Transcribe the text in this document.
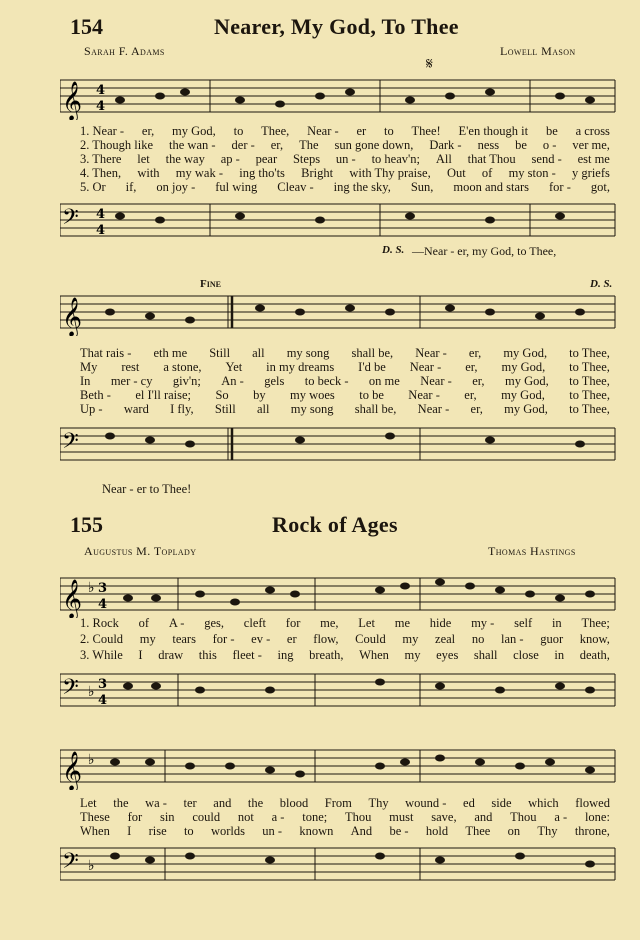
154	Nearer, My God, To Thee
Sarah F. Adams	Lowell Mason
𝄋
𝄞 4
4
1. Near - er, my God, to Thee, Near - er to Thee! E'en though it be a cross
2. Though like the wan - der - er, The sun gone down, Dark - ness be o - ver me,
3. There let the way ap - pear Steps un - to heav'n; All that Thou send - est me
4. Then, with my wak - ing tho'ts Bright with Thy praise, Out of my ston - y griefs
5. Or if, on joy - ful wing Cleav - ing the sky, Sun, moon and stars for - got,
𝄢 4
4
D. S. —Near - er, my God, to Thee,
Fine	D. S.
𝄞
That rais - eth me Still all my song shall be, Near - er, my God, to Thee,
My rest a stone, Yet in my dreams I'd be Near - er, my God, to Thee,
In mer - cy giv'n; An - gels to beck - on me Near - er, my God, to Thee,
Beth - el I'll raise; So by my woes to be Near - er, my God, to Thee,
Up - ward I fly, Still all my song shall be, Near - er, my God, to Thee,
𝄢
Near - er to Thee!
155	Rock of Ages
Augustus M. Toplady	Thomas Hastings
𝄞 ♭ 3
4
1. Rock of A - ges, cleft for me, Let me hide my - self in Thee;
2. Could my tears for - ev - er flow, Could my zeal no lan - guor know,
3. While I draw this fleet - ing breath, When my eyes shall close in death,
𝄢 ♭ 3
4
𝄞 ♭
Let the wa - ter and the blood From Thy wound - ed side which flowed
These for sin could not a - tone; Thou must save, and Thou a - lone:
When I rise to worlds un - known And be - hold Thee on Thy throne,
𝄢 ♭
